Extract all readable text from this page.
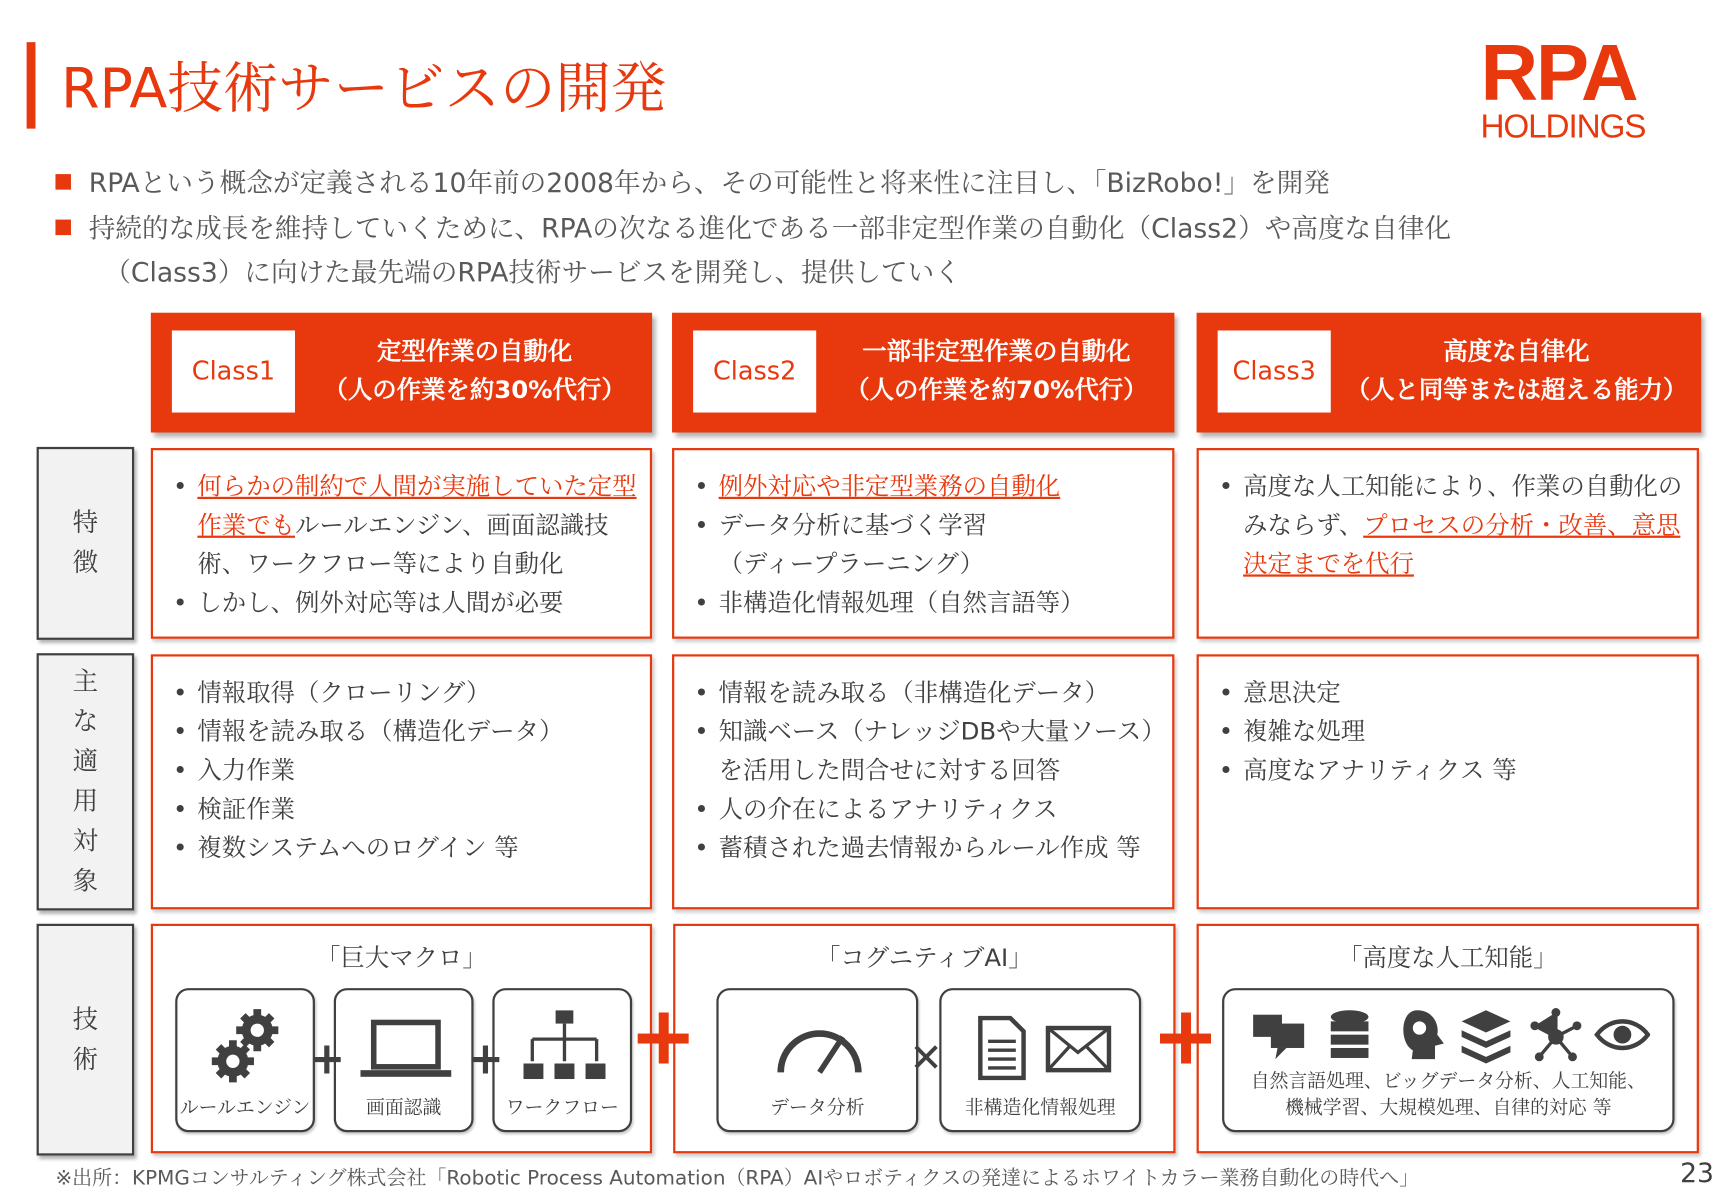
RPA技術サービスの開発	RPA
HOLDINGS
RPAという概念が定義される10年前の2008年から、その可能性と将来性に注目し、「BizRobo!」を開発
持続的な成長を維持していくために、RPAの次なる進化である一部非定型作業の自動化（Class2）や高度な自律化
（Class3）に向けた最先端のRPA技術サービスを開発し、提供していく
Class1
定型作業の自動化
（人の作業を約30%代行）
Class2
一部非定型作業の自動化
（人の作業を約70%代行）
Class3
高度な自律化
（人と同等または超える能力）
特
徴
主
な
適
用
対
象
技
術
• 何らかの制約で人間が実施していた定型作業でもルールエンジン、画面認識技術、ワークフロー等により自動化
• しかし、例外対応等は人間が必要
• 例外対応や非定型業務の自動化
• データ分析に基づく学習
（ディープラーニング）
• 非構造化情報処理（自然言語等）
• 高度な人工知能により、作業の自動化のみならず、プロセスの分析・改善、意思決定までを代行
• 情報取得（クローリング）
• 情報を読み取る（構造化データ）
• 入力作業
• 検証作業
• 複数システムへのログイン 等
• 情報を読み取る（非構造化データ）
• 知識ベース（ナレッジDBや大量ソース）
を活用した問合せに対する回答
• 人の介在によるアナリティクス
• 蓄積された過去情報からルール作成 等
• 意思決定
• 複雑な処理
• 高度なアナリティクス 等
「巨大マクロ」
ルールエンジン
+
画面認識
+
ワークフロー
「コグニティブAI」
データ分析
✕
非構造化情報処理
「高度な人工知能」
自然言語処理、ビッグデータ分析、人工知能、
機械学習、大規模処理、自律的対応 等
※出所：KPMGコンサルティング株式会社「Robotic Process Automation（RPA）AIやロボティクスの発達によるホワイトカラー業務自動化の時代へ」	23
